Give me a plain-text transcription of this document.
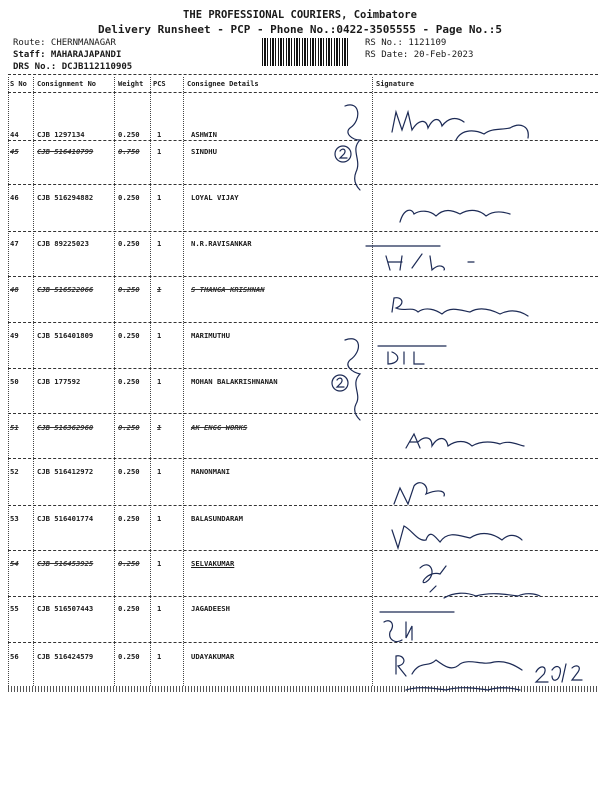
THE PROFESSIONAL COURIERS, Coimbatore
Delivery Runsheet - PCP - Phone No.:0422-3505555 - Page No.:5
Route: CHERNMANAGAR
Staff: MAHARAJAPANDI
DRS No.: DCJB112110905
RS No.: 1121109
RS Date: 20-Feb-2023
S No Consignment No	Weight PCS	Consignee Details	Signature
44	CJB 1297134	0.250 1	ASHWIN
45	CJB 516410799	0.750 1	SINDHU
46	CJB 516294882	0.250 1	LOYAL VIJAY
47	CJB 89225023	0.250 1	N.R.RAVISANKAR
48	CJB 516522066	0.250 1	S THANGA KRISHNAN
49	CJB 516401809	0.250 1	MARIMUTHU
50	CJB 177592	0.250 1	MOHAN BALAKRISHNANAN
51	CJB 516362960	0.250 1	AK ENGG WORKS
52	CJB 516412972	0.250 1	MANONMANI
53	CJB 516401774	0.250 1	BALASUNDARAM
54	CJB 516453925	0.250 1	SELVAKUMAR
55	CJB 516507443	0.250 1	JAGADEESH
56	CJB 516424579	0.250 1	UDAYAKUMAR
